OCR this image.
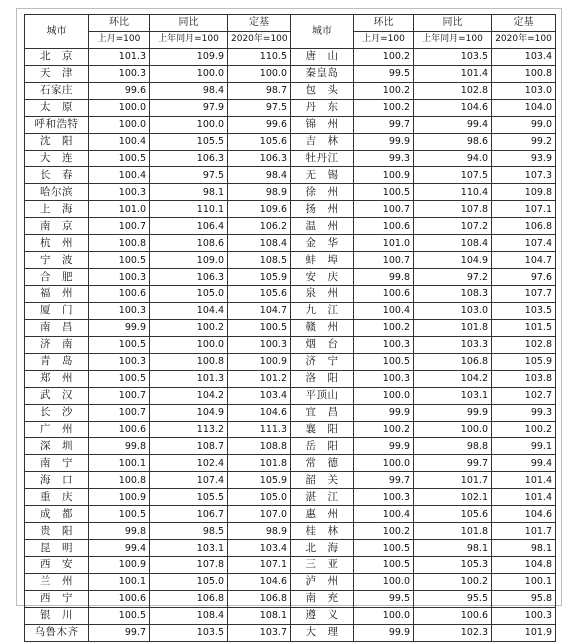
城市	环比	同比	定基	城市	环比	同比	定基
	上月=100	上年同月=100	2020年=100		上月=100	上年同月=100	2020年=100
北　京	101.3	109.9	110.5	唐　山	100.2	103.5	103.4
天　津	100.3	100.0	100.0	秦皇岛	99.5	101.4	100.8
石家庄	99.6	98.4	98.7	包　头	100.2	102.8	103.0
太　原	100.0	97.9	97.5	丹　东	100.2	104.6	104.0
呼和浩特	100.0	100.0	99.6	锦　州	99.7	99.4	99.0
沈　阳	100.4	105.5	105.6	吉　林	99.9	98.6	99.2
大　连	100.5	106.3	106.3	牡丹江	99.3	94.0	93.9
长　春	100.4	97.5	98.4	无　锡	100.9	107.5	107.3
哈尔滨	100.3	98.1	98.9	徐　州	100.5	110.4	109.8
上　海	101.0	110.1	109.6	扬　州	100.7	107.8	107.1
南　京	100.7	106.4	106.2	温　州	100.6	107.2	106.8
杭　州	100.8	108.6	108.4	金　华	101.0	108.4	107.4
宁　波	100.5	109.0	108.5	蚌　埠	100.7	104.9	104.7
合　肥	100.3	106.3	105.9	安　庆	99.8	97.2	97.6
福　州	100.6	105.0	105.6	泉　州	100.6	108.3	107.7
厦　门	100.3	104.4	104.7	九　江	100.4	103.0	103.5
南　昌	99.9	100.2	100.5	赣　州	100.2	101.8	101.5
济　南	100.5	100.0	100.3	烟　台	100.3	103.3	102.8
青　岛	100.3	100.8	100.9	济　宁	100.5	106.8	105.9
郑　州	100.5	101.3	101.2	洛　阳	100.3	104.2	103.8
武　汉	100.7	104.2	103.4	平顶山	100.0	103.1	102.7
长　沙	100.7	104.9	104.6	宜　昌	99.9	99.9	99.3
广　州	100.6	113.2	111.3	襄　阳	100.2	100.0	100.2
深　圳	99.8	108.7	108.8	岳　阳	99.9	98.8	99.1
南　宁	100.1	102.4	101.8	常　德	100.0	99.7	99.4
海　口	100.8	107.4	105.9	韶　关	99.7	101.7	101.4
重　庆	100.9	105.5	105.0	湛　江	100.3	102.1	101.4
成　都	100.5	106.7	107.0	惠　州	100.4	105.6	104.6
贵　阳	99.8	98.5	98.9	桂　林	100.2	101.8	101.7
昆　明	99.4	103.1	103.4	北　海	100.5	98.1	98.1
西　安	100.9	107.8	107.1	三　亚	100.5	105.3	104.8
兰　州	100.1	105.0	104.6	泸　州	100.0	100.2	100.1
西　宁	100.6	106.8	106.8	南　充	99.5	95.5	95.8
银　川	100.5	108.4	108.1	遵　义	100.0	100.6	100.3
乌鲁木齐	99.7	103.5	103.7	大　理	99.9	102.3	101.9
